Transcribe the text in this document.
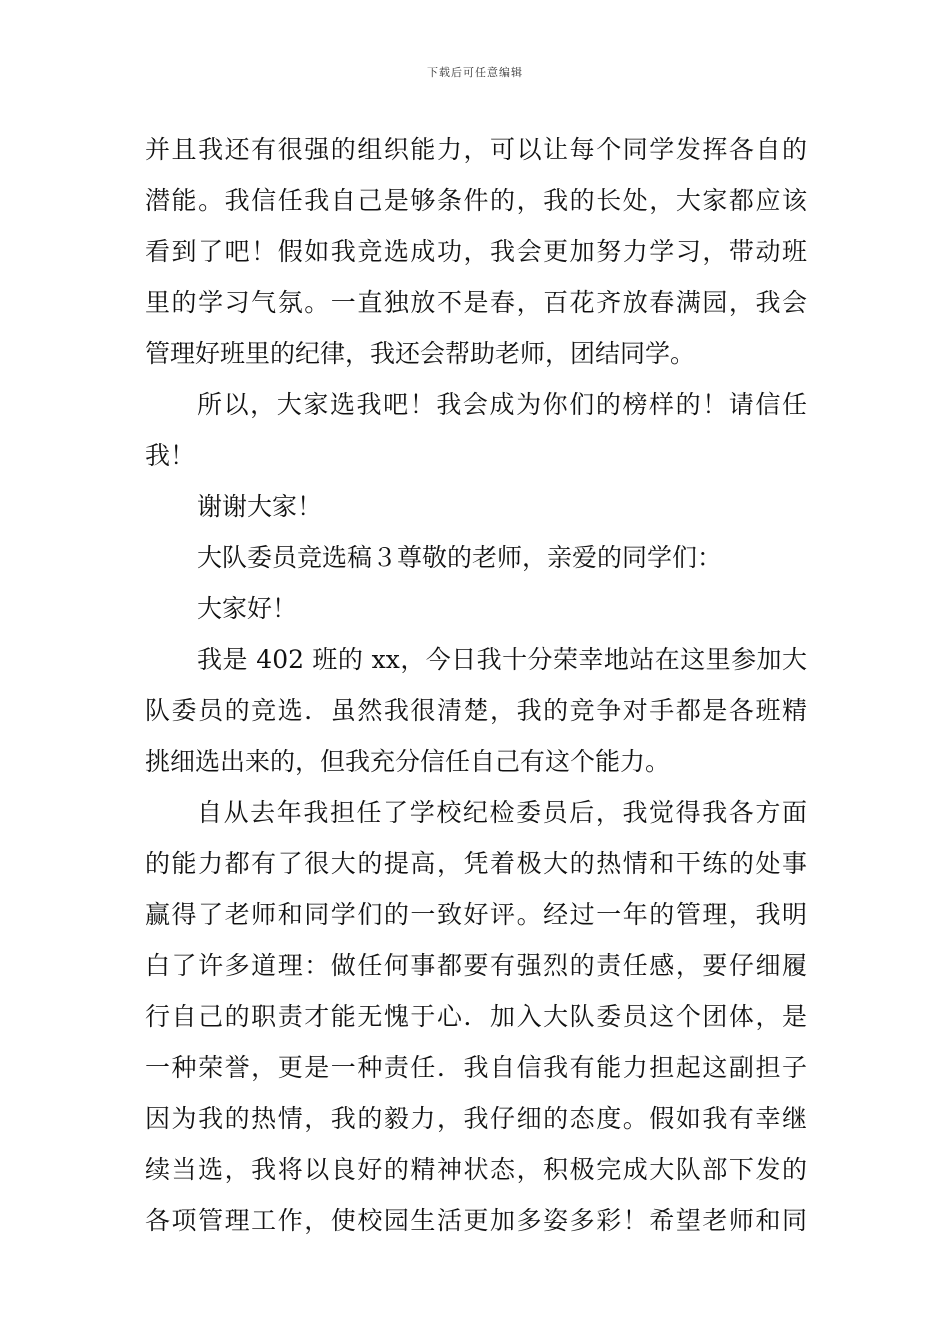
下载后可任意编辑
并且我还有很强的组织能力，可以让每个同学发挥各自的
潜能。我信任我自己是够条件的，我的长处，大家都应该
看到了吧！假如我竞选成功，我会更加努力学习，带动班
里的学习气氛。一直独放不是春，百花齐放春满园，我会
管理好班里的纪律，我还会帮助老师，团结同学。
所以，大家选我吧！我会成为你们的榜样的！请信任
我！
谢谢大家！
大队委员竞选稿３尊敬的老师，亲爱的同学们：
大家好！
我是 402 班的 xx，今日我十分荣幸地站在这里参加大
队委员的竞选．虽然我很清楚，我的竞争对手都是各班精
挑细选出来的，但我充分信任自己有这个能力。
自从去年我担任了学校纪检委员后，我觉得我各方面
的能力都有了很大的提高，凭着极大的热情和干练的处事
赢得了老师和同学们的一致好评。经过一年的管理，我明
白了许多道理：做任何事都要有强烈的责任感，要仔细履
行自己的职责才能无愧于心．加入大队委员这个团体，是
一种荣誉，更是一种责任．我自信我有能力担起这副担子
因为我的热情，我的毅力，我仔细的态度。假如我有幸继
续当选，我将以良好的精神状态，积极完成大队部下发的
各项管理工作，使校园生活更加多姿多彩！希望老师和同
